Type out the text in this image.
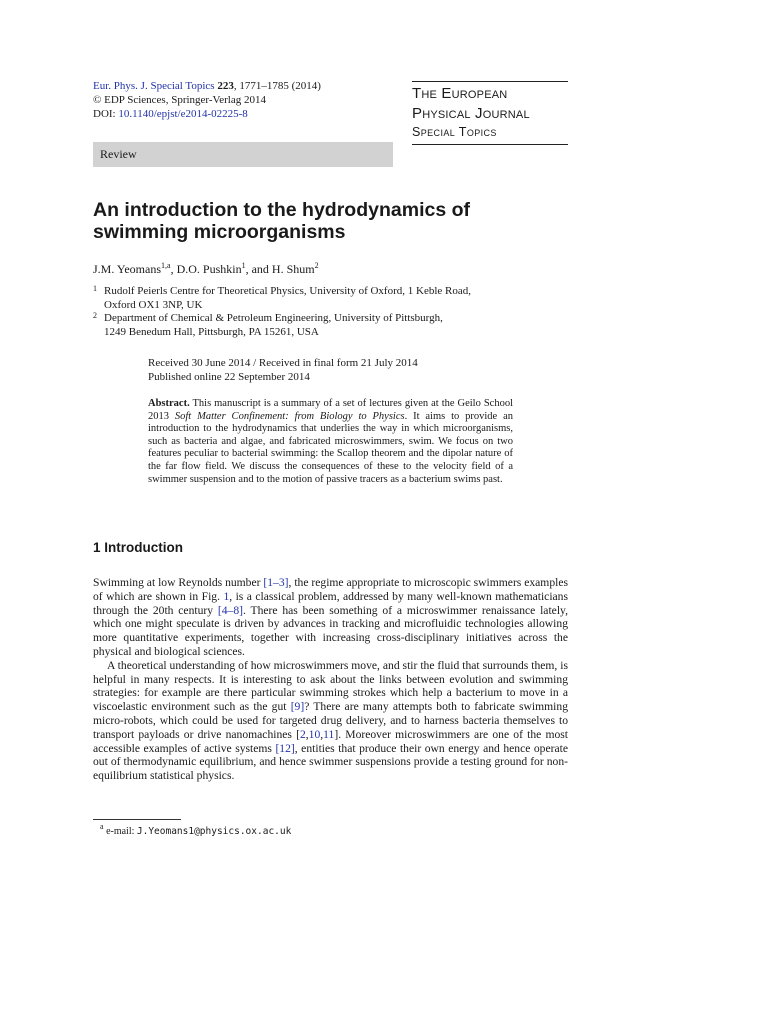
Eur. Phys. J. Special Topics 223, 1771–1785 (2014)
© EDP Sciences, Springer-Verlag 2014
DOI: 10.1140/epjst/e2014-02225-8
The European
Physical Journal
Special Topics
Review
An introduction to the hydrodynamics of
swimming microorganisms
J.M. Yeomans$^{1,a}$, D.O. Pushkin$^1$, and H. Shum$^2$
1 Rudolf Peierls Centre for Theoretical Physics, University of Oxford, 1 Keble Road,
Oxford OX1 3NP, UK
2 Department of Chemical & Petroleum Engineering, University of Pittsburgh,
1249 Benedum Hall, Pittsburgh, PA 15261, USA
Received 30 June 2014 / Received in final form 21 July 2014
Published online 22 September 2014
Abstract. This manuscript is a summary of a set of lectures given at the Geilo School 2013 Soft Matter Confinement: from Biology to Physics. It aims to provide an introduction to the hydrodynamics that underlies the way in which microorganisms, such as bacteria and algae, and fabricated microswimmers, swim. We focus on two features peculiar to bacterial swimming: the Scallop theorem and the dipolar nature of the far flow field. We discuss the consequences of these to the velocity field of a swimmer suspension and to the motion of passive tracers as a bacterium swims past.
1 Introduction

Swimming at low Reynolds number [1–3], the regime appropriate to microscopic swimmers examples of which are shown in Fig. 1, is a classical problem, addressed by many well-known mathematicians through the 20th century [4–8]. There has been something of a microswimmer renaissance lately, which one might speculate is driven by advances in tracking and microfluidic technologies allowing more quantitative experiments, together with increasing cross-disciplinary initiatives across the physical and biological sciences.

A theoretical understanding of how microswimmers move, and stir the fluid that surrounds them, is helpful in many respects. It is interesting to ask about the links between evolution and swimming strategies: for example are there particular swimming strokes which help a bacterium to move in a viscoelastic environment such as the gut [9]? There are many attempts both to fabricate swimming micro-robots, which could be used for targeted drug delivery, and to harness bacteria themselves to transport payloads or drive nanomachines [2,10,11]. Moreover microswimmers are one of the most accessible examples of active systems [12], entities that produce their own energy and hence operate out of thermodynamic equilibrium, and hence swimmer suspensions provide a testing ground for non-equilibrium statistical physics.

$^a$ e-mail: J.Yeomans1@physics.ox.ac.uk
